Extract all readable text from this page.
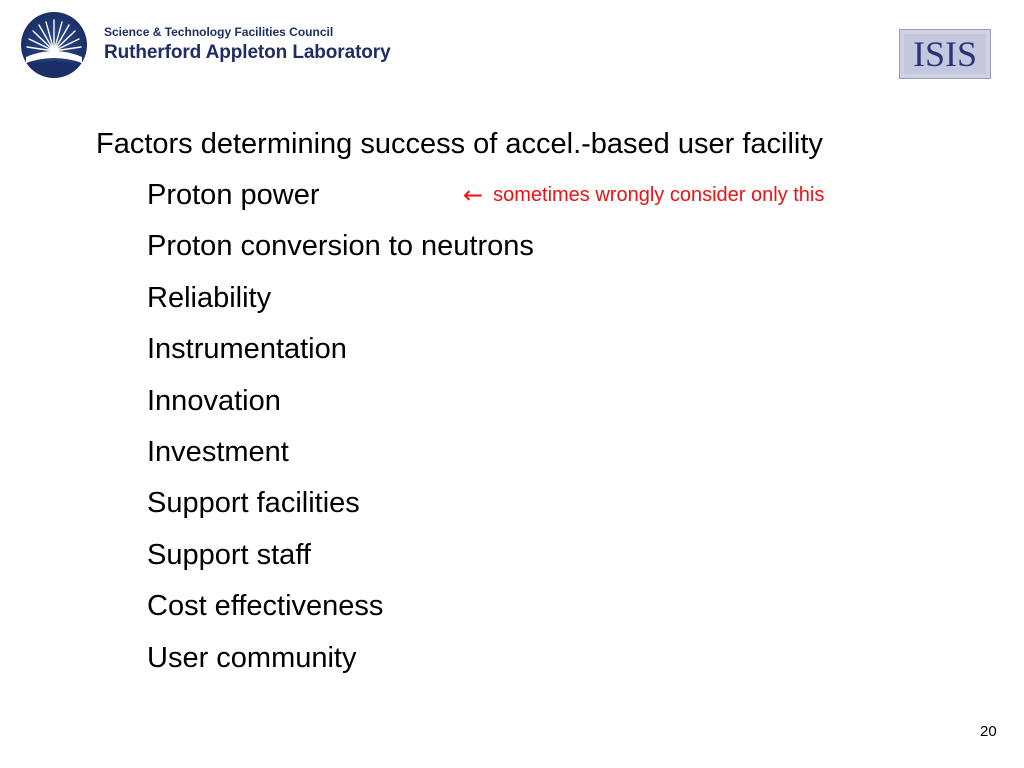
Science & Technology Facilities Council
Rutherford Appleton Laboratory	ISIS
Factors determining success of accel.-based user facility
Proton power
Proton conversion to neutrons
Reliability
Instrumentation
Innovation
Investment
Support facilities
Support staff
Cost effectiveness
User community
← sometimes wrongly consider only this
20
